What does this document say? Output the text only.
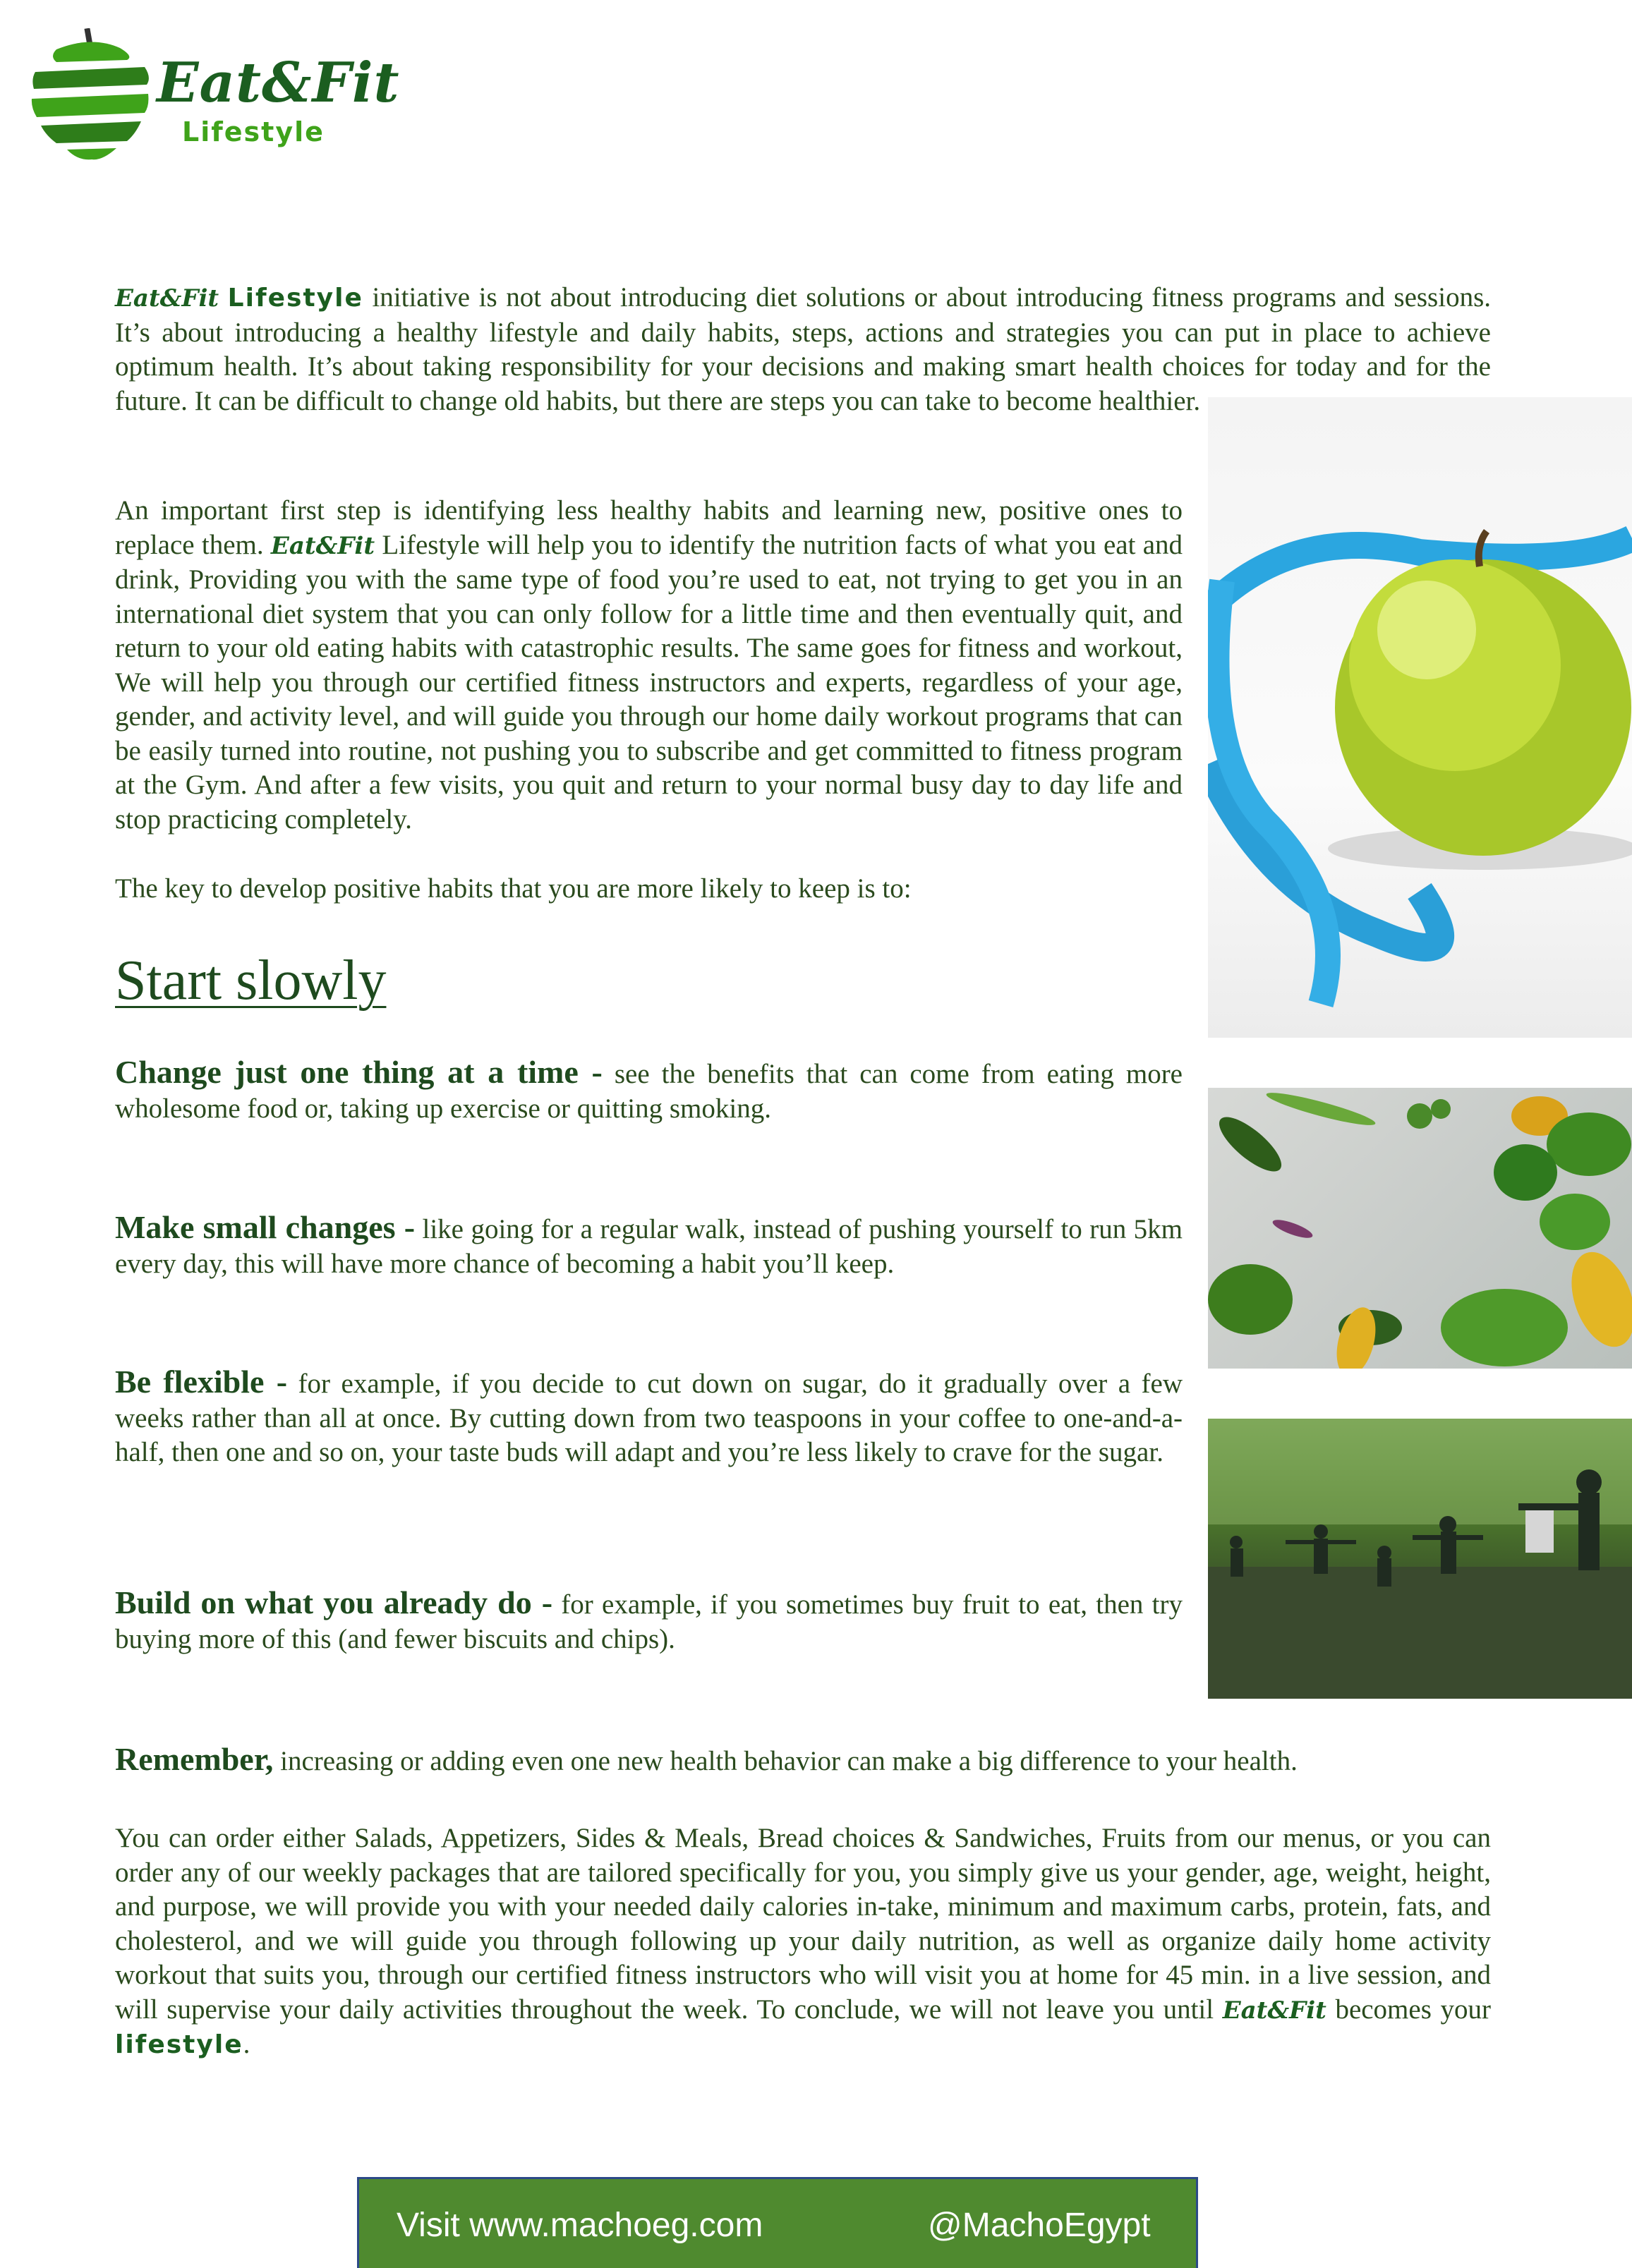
Eat&Fit
Lifestyle

Eat&Fit Lifestyle initiative is not about introducing diet solutions or about introducing fitness programs and sessions. It’s about introducing a healthy lifestyle and daily habits, steps, actions and strategies you can put in place to achieve optimum health. It’s about taking responsibility for your decisions and making smart health choices for today and for the future. It can be difficult to change old habits, but there are steps you can take to become healthier.

An important first step is identifying less healthy habits and learning new, positive ones to replace them. Eat&Fit Lifestyle will help you to identify the nutrition facts of what you eat and drink, Providing you with the same type of food you’re used to eat, not trying to get you in an international diet system that you can only follow for a little time and then eventually quit, and return to your old eating habits with catastrophic results. The same goes for fitness and workout, We will help you through our certified fitness instructors and experts, regardless of your age, gender, and activity level, and will guide you through our home daily workout programs that can be easily turned into routine, not pushing you to subscribe and get committed to fitness program at the Gym. And after a few visits, you quit and return to your normal busy day to day life and stop practicing completely.

The key to develop positive habits that you are more likely to keep is to:

Start slowly

Change just one thing at a time - see the benefits that can come from eating more wholesome food or, taking up exercise or quitting smoking.

Make small changes - like going for a regular walk, instead of pushing yourself to run 5km every day, this will have more chance of becoming a habit you’ll keep.

Be flexible - for example, if you decide to cut down on sugar, do it gradually over a few weeks rather than all at once. By cutting down from two teaspoons in your coffee to one-and-a-half, then one and so on, your taste buds will adapt and you’re less likely to crave for the sugar.

Build on what you already do - for example, if you sometimes buy fruit to eat, then try buying more of this (and fewer biscuits and chips).

Remember, increasing or adding even one new health behavior can make a big difference to your health.

You can order either Salads, Appetizers, Sides & Meals, Bread choices & Sandwiches, Fruits from our menus, or you can order any of our weekly packages that are tailored specifically for you, you simply give us your gender, age, weight, height, and purpose, we will provide you with your needed daily calories in-take, minimum and maximum carbs, protein, fats, and cholesterol, and we will guide you through following up your daily nutrition, as well as organize daily home activity workout that suits you, through our certified fitness instructors who will visit you at home for 45 min. in a live session, and will supervise your daily activities throughout the week. To conclude, we will not leave you until Eat&Fit becomes your lifestyle.

Visit www.machoeg.com	@MachoEgypt
